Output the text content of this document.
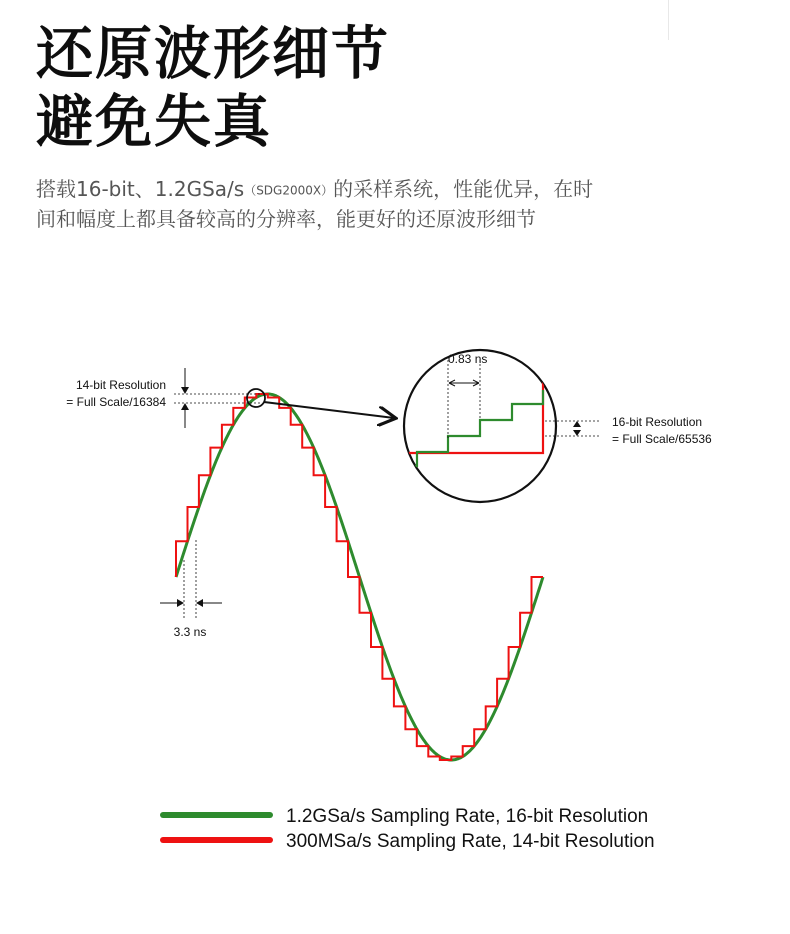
还原波形细节
避免失真

搭载16-bit、1.2GSa/s（SDG2000X）的采样系统，性能优异，在时

间和幅度上都具备较高的分辨率，能更好的还原波形细节

0.83 ns
16-bit Resolution
= Full Scale/65536
14-bit Resolution
= Full Scale/16384
3.3 ns
1.2GSa/s Sampling Rate, 16-bit Resolution
300MSa/s Sampling Rate, 14-bit Resolution
